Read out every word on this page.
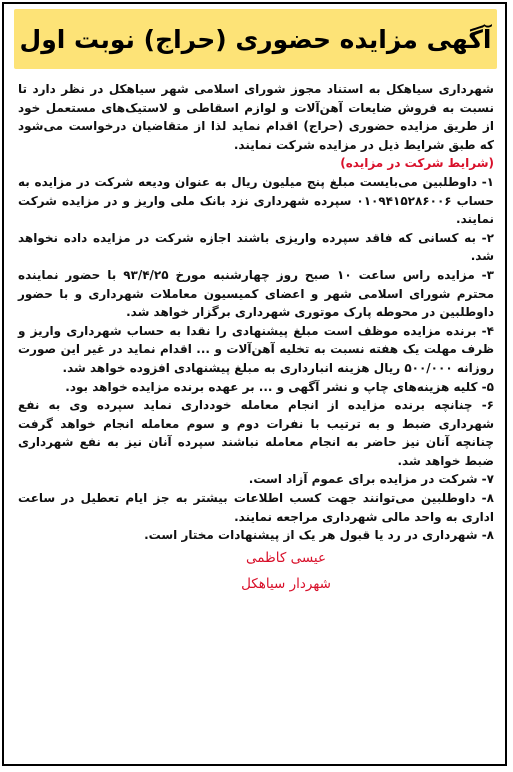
آگهی مزایده حضوری (حراج) نوبت اول

شهرداری سیاهکل به استناد مجوز شورای اسلامی شهر سیاهکل در نظر دارد تا نسبت به فروش ضایعات آهن‌آلات و لوازم اسقاطی و لاستیک‌های مستعمل خود از طریق مزایده حضوری (حراج) اقدام نماید لذا از متقاضیان درخواست می‌شود که طبق شرایط ذیل در مزایده شرکت نمایند.

(شرایط شرکت در مزایده)

۱- داوطلبین می‌بایست مبلغ پنج میلیون ریال به عنوان ودیعه شرکت در مزایده به حساب ۰۱۰۹۴۱۵۲۸۶۰۰۶ سپرده شهرداری نزد بانک ملی واریز و در مزایده شرکت نمایند.

۲- به کسانی که فاقد سپرده واریزی باشند اجازه شرکت در مزایده داده نخواهد شد.

۳- مزایده راس ساعت ۱۰ صبح روز چهارشنبه مورخ ۹۳/۴/۲۵ با حضور نماینده محترم شورای اسلامی شهر و اعضای کمیسیون معاملات شهرداری و با حضور داوطلبین در محوطه پارک موتوری شهرداری برگزار خواهد شد.

۴- برنده مزایده موظف است مبلغ پیشنهادی را نقدا به حساب شهرداری واریز و ظرف مهلت یک هفته نسبت به تخلیه آهن‌آلات و ... اقدام نماید در غیر این صورت روزانه ۵۰۰/۰۰۰ ریال هزینه انبارداری به مبلغ پیشنهادی افزوده خواهد شد.

۵- کلیه هزینه‌های چاپ و نشر آگهی و ... بر عهده برنده مزایده خواهد بود.

۶- چنانچه برنده مزایده از انجام معامله خودداری نماید سپرده وی به نفع شهرداری ضبط و به ترتیب با نفرات دوم و سوم معامله انجام خواهد گرفت چنانچه آنان نیز حاضر به انجام معامله نباشند سپرده آنان نیز به نفع شهرداری ضبط خواهد شد.

۷- شرکت در مزایده برای عموم آزاد است.

۸- داوطلبین می‌توانند جهت کسب اطلاعات بیشتر به جز ایام تعطیل در ساعت اداری به واحد مالی شهرداری مراجعه نمایند.

۸- شهرداری در رد یا قبول هر یک از پیشنهادات مختار است.

عیسی کاظمی

شهردار سیاهکل
